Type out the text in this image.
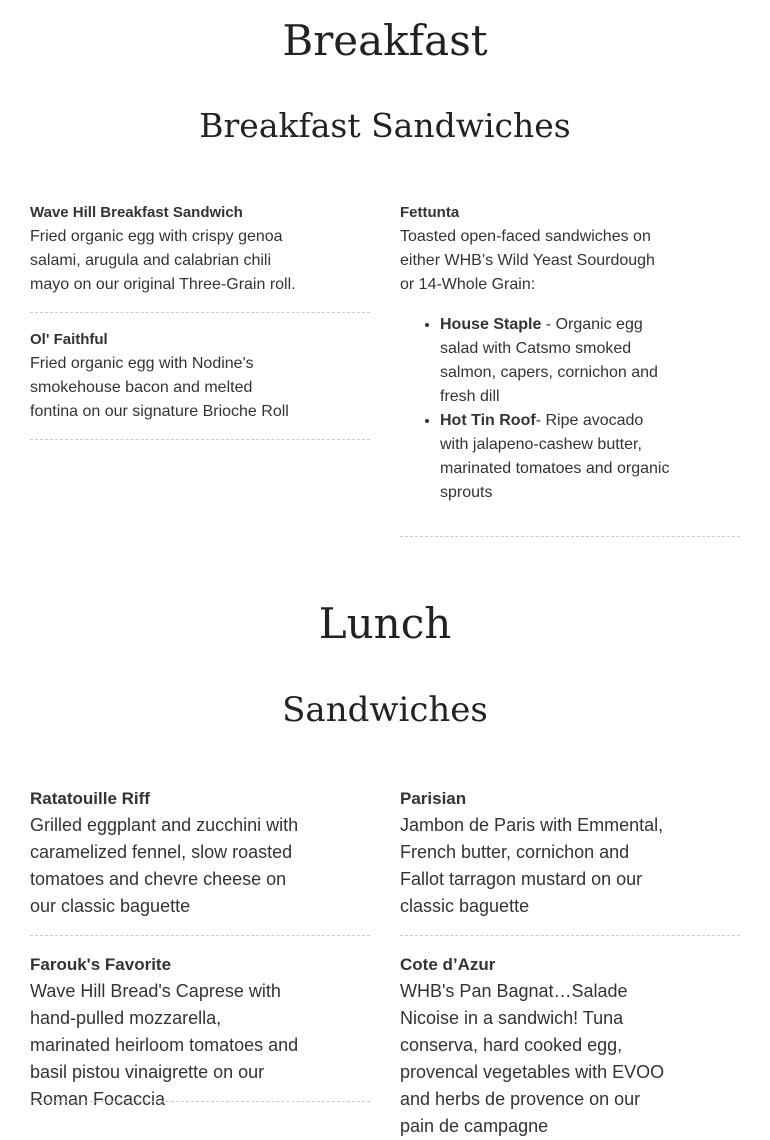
Breakfast
Breakfast Sandwiches
Wave Hill Breakfast Sandwich
Fried organic egg with crispy genoa salami, arugula and calabrian chili mayo on our original Three-Grain roll.
Ol' Faithful
Fried organic egg with Nodine's smokehouse bacon and melted fontina on our signature Brioche Roll
Fettunta
Toasted open-faced sandwiches on either WHB’s Wild Yeast Sourdough or 14-Whole Grain:
• House Staple - Organic egg salad with Catsmo smoked salmon, capers, cornichon and fresh dill
• Hot Tin Roof- Ripe avocado with jalapeno-cashew butter, marinated tomatoes and organic sprouts
Lunch
Sandwiches
Ratatouille Riff
Grilled eggplant and zucchini with caramelized fennel, slow roasted tomatoes and chevre cheese on our classic baguette
Parisian
Jambon de Paris with Emmental, French butter, cornichon and Fallot tarragon mustard on our classic baguette
Farouk's Favorite
Wave Hill Bread's Caprese with hand-pulled mozzarella, marinated heirloom tomatoes and basil pistou vinaigrette on our Roman Focaccia
Cote d’Azur
WHB's Pan Bagnat…Salade Nicoise in a sandwich! Tuna conserva, hard cooked egg, provencal vegetables with EVOO and herbs de provence on our pain de campagne
